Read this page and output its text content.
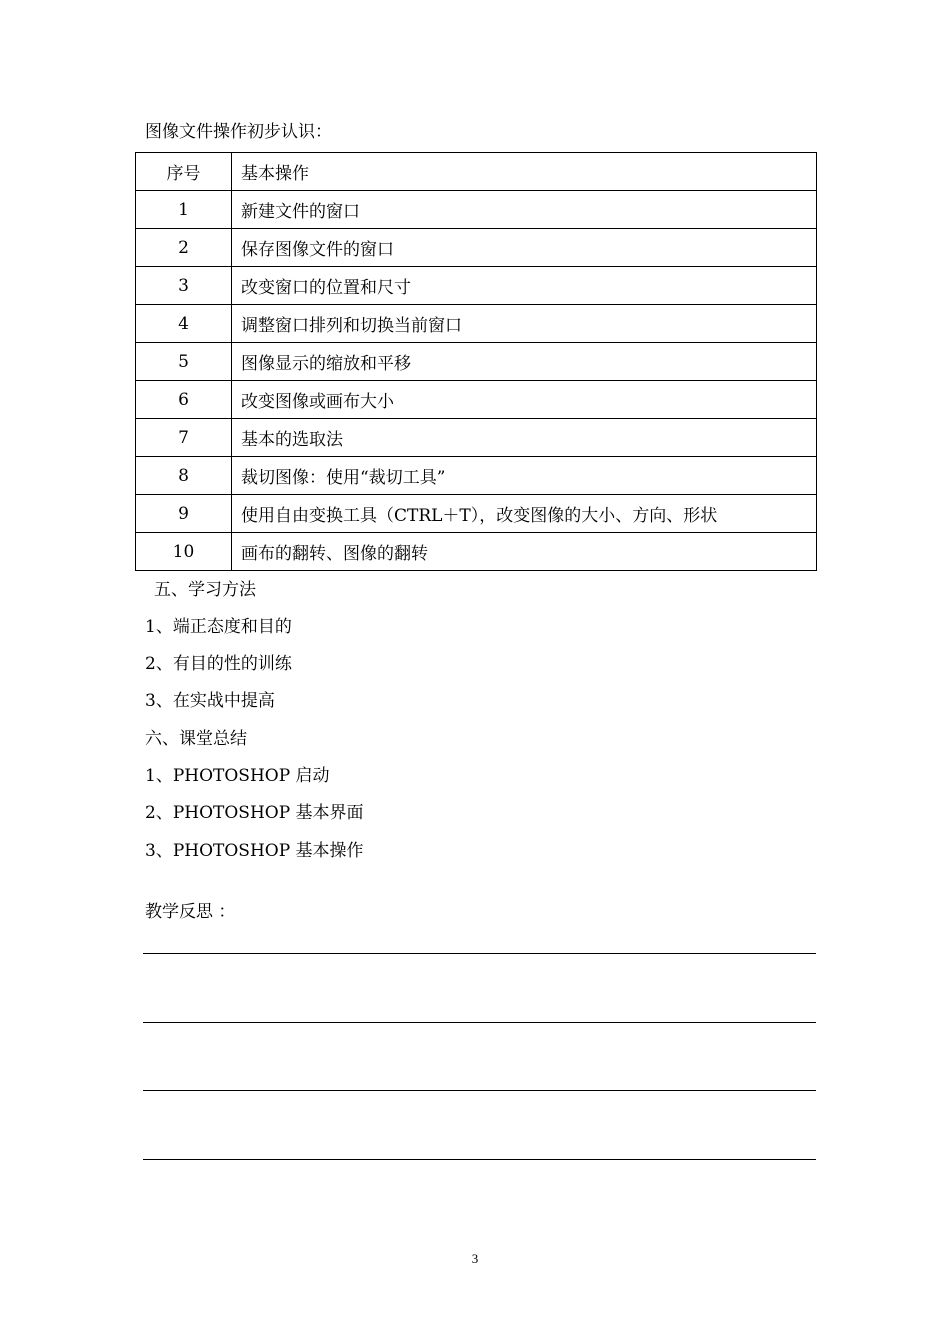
图像文件操作初步认识：

序号	基本操作
1	新建文件的窗口
2	保存图像文件的窗口
3	改变窗口的位置和尺寸
4	调整窗口排列和切换当前窗口
5	图像显示的缩放和平移
6	改变图像或画布大小
7	基本的选取法
8	裁切图像：使用“裁切工具”
9	使用自由变换工具（CTRL＋T），改变图像的大小、方向、形状
10	画布的翻转、图像的翻转

五、学习方法

1、端正态度和目的

2、有目的性的训练

3、在实战中提高

六、课堂总结

1、PHOTOSHOP 启动

2、PHOTOSHOP 基本界面

3、PHOTOSHOP 基本操作

教学反思 ：

3
